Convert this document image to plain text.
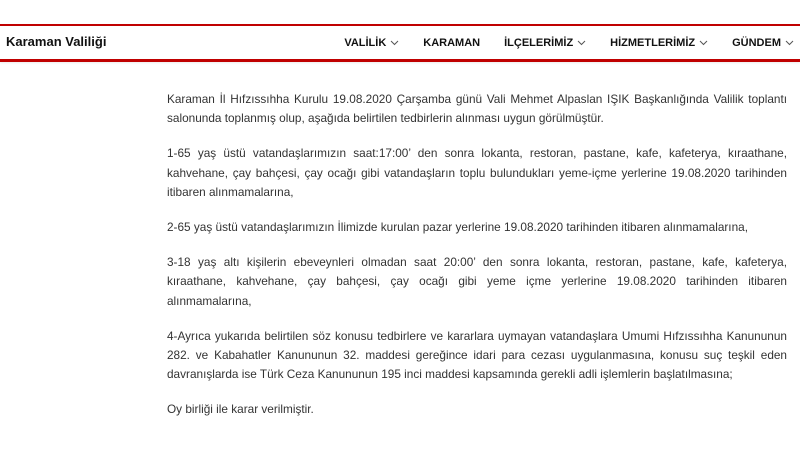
Karaman Valiliği	VALİLİK	KARAMAN İLÇELERİMİZ	HİZMETLERİMİZ	GÜNDEM

Karaman İl Hıfzıssıhha Kurulu 19.08.2020 Çarşamba günü Vali Mehmet Alpaslan IŞIK Başkanlığında Valilik toplantı salonunda toplanmış olup, aşağıda belirtilen tedbirlerin alınması uygun görülmüştür.

1-65 yaş üstü vatandaşlarımızın saat:17:00’ den sonra lokanta, restoran, pastane, kafe, kafeterya, kıraathane, kahvehane, çay bahçesi, çay ocağı gibi vatandaşların toplu bulundukları yeme-içme yerlerine 19.08.2020 tarihinden itibaren alınmamalarına,

2-65 yaş üstü vatandaşlarımızın İlimizde kurulan pazar yerlerine 19.08.2020 tarihinden itibaren alınmamalarına,

3-18 yaş altı kişilerin ebeveynleri olmadan saat 20:00’ den sonra lokanta, restoran, pastane, kafe, kafeterya, kıraathane, kahvehane, çay bahçesi, çay ocağı gibi yeme içme yerlerine 19.08.2020 tarihinden itibaren alınmamalarına,

4-Ayrıca yukarıda belirtilen söz konusu tedbirlere ve kararlara uymayan vatandaşlara Umumi Hıfzıssıhha Kanununun 282. ve Kabahatler Kanununun 32. maddesi gereğince idari para cezası uygulanmasına, konusu suç teşkil eden davranışlarda ise Türk Ceza Kanununun 195 inci maddesi kapsamında gerekli adli işlemlerin başlatılmasına;

Oy birliği ile karar verilmiştir.
